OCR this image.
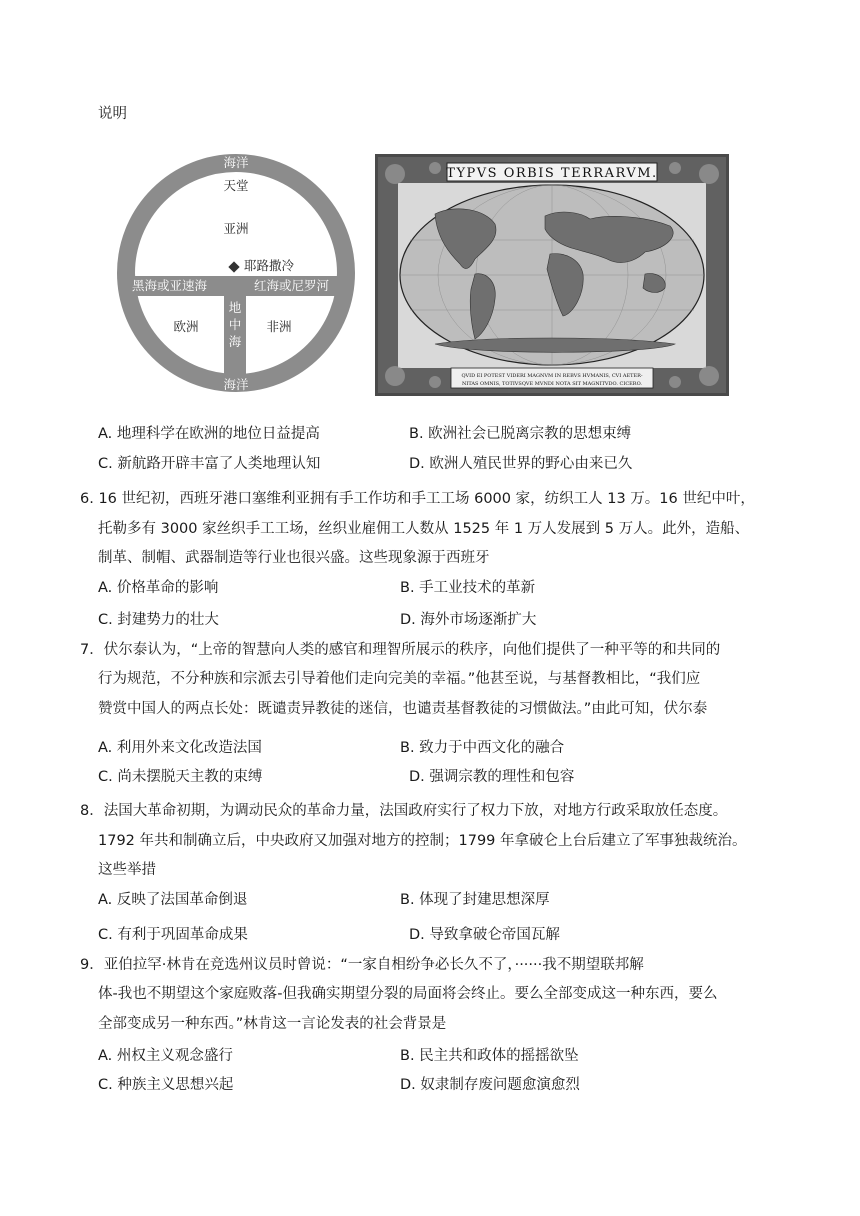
说明
海洋
天堂
亚洲
耶路撒冷
黑海或亚速海	红海或尼罗河
欧洲
地
中
海
非洲
海洋
TYPVS ORBIS TERRARVM.
QVID EI POTEST VIDERI MAGNVM IN REBVS HVMANIS, CVI AETER-
NITAS OMNIS, TOTIVSQVE MVNDI NOTA SIT MAGNITVDO. CICERO.
A. 地理科学在欧洲的地位日益提高	B. 欧洲社会已脱离宗教的思想束缚
C. 新航路开辟丰富了人类地理认知	D. 欧洲人殖民世界的野心由来已久
6. 16 世纪初，西班牙港口塞维利亚拥有手工作坊和手工工场 6000 家，纺织工人 13 万。16 世纪中叶，
托勒多有 3000 家丝织手工工场，丝织业雇佣工人数从 1525 年 1 万人发展到 5 万人。此外，造船、
制革、制帽、武器制造等行业也很兴盛。这些现象源于西班牙
A. 价格革命的影响	B. 手工业技术的革新
C. 封建势力的壮大	D. 海外市场逐渐扩大
7．伏尔泰认为，“上帝的智慧向人类的感官和理智所展示的秩序，向他们提供了一种平等的和共同的
行为规范，不分种族和宗派去引导着他们走向完美的幸福。”他甚至说，与基督教相比，“我们应
赞赏中国人的两点长处：既谴责异教徒的迷信，也谴责基督教徒的习惯做法。”由此可知，伏尔泰
A. 利用外来文化改造法国	B. 致力于中西文化的融合
C. 尚未摆脱天主教的束缚	D. 强调宗教的理性和包容
8．法国大革命初期，为调动民众的革命力量，法国政府实行了权力下放，对地方行政采取放任态度。
1792 年共和制确立后，中央政府又加强对地方的控制；1799 年拿破仑上台后建立了军事独裁统治。
这些举措
A. 反映了法国革命倒退	B. 体现了封建思想深厚
C. 有利于巩固革命成果	D. 导致拿破仑帝国瓦解
9．亚伯拉罕·林肯在竞选州议员时曾说：“一家自相纷争必长久不了，······我不期望联邦解
体-我也不期望这个家庭败落-但我确实期望分裂的局面将会终止。要么全部变成这一种东西，要么
全部变成另一种东西。”林肯这一言论发表的社会背景是
A. 州权主义观念盛行	B. 民主共和政体的摇摇欲坠
C. 种族主义思想兴起	D. 奴隶制存废问题愈演愈烈
